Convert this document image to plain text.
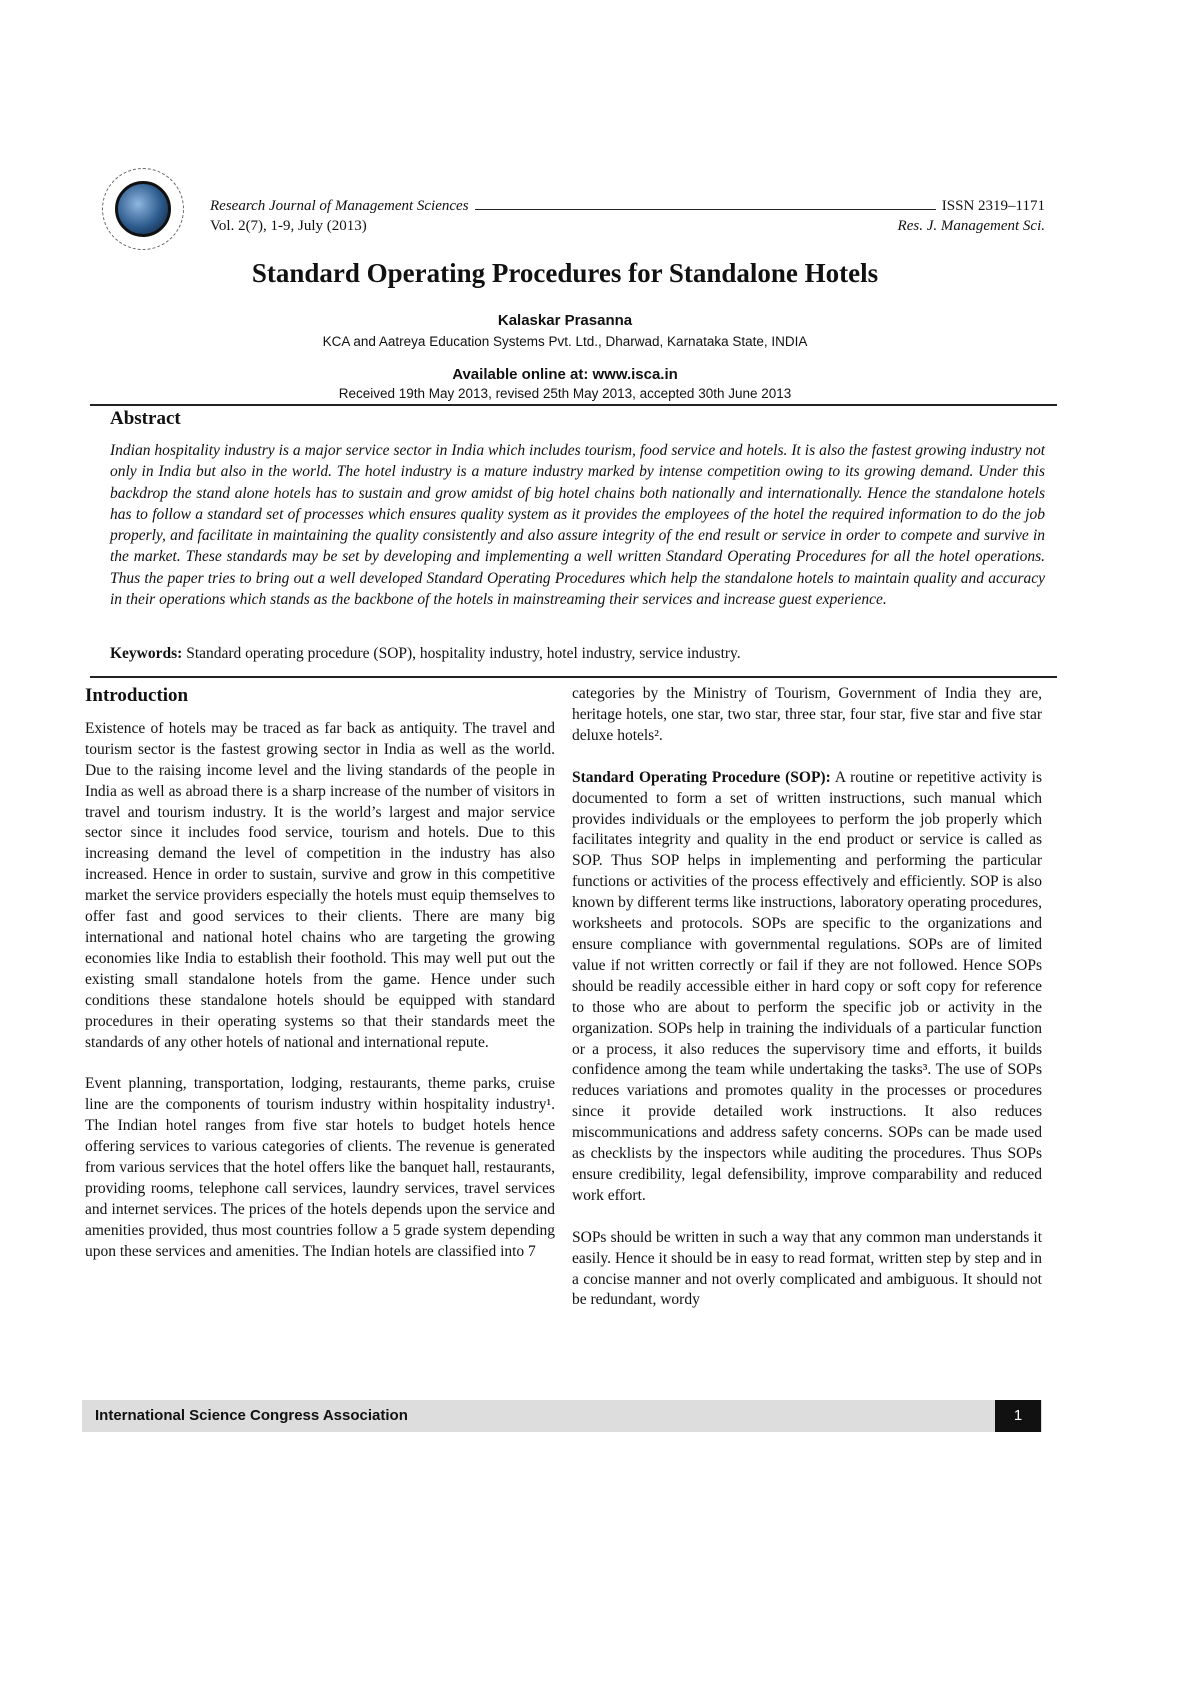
Research Journal of Management Sciences	ISSN 2319–1171
Vol. 2(7), 1-9, July (2013)	Res. J. Management Sci.
Standard Operating Procedures for Standalone Hotels
Kalaskar Prasanna
KCA and Aatreya Education Systems Pvt. Ltd., Dharwad, Karnataka State, INDIA
Available online at: www.isca.in
Received 19th May 2013, revised 25th May 2013, accepted 30th June 2013
Abstract
Indian hospitality industry is a major service sector in India which includes tourism, food service and hotels. It is also the fastest growing industry not only in India but also in the world. The hotel industry is a mature industry marked by intense competition owing to its growing demand. Under this backdrop the stand alone hotels has to sustain and grow amidst of big hotel chains both nationally and internationally. Hence the standalone hotels has to follow a standard set of processes which ensures quality system as it provides the employees of the hotel the required information to do the job properly, and facilitate in maintaining the quality consistently and also assure integrity of the end result or service in order to compete and survive in the market. These standards may be set by developing and implementing a well written Standard Operating Procedures for all the hotel operations. Thus the paper tries to bring out a well developed Standard Operating Procedures which help the standalone hotels to maintain quality and accuracy in their operations which stands as the backbone of the hotels in mainstreaming their services and increase guest experience.
Keywords: Standard operating procedure (SOP), hospitality industry, hotel industry, service industry.
Introduction

Existence of hotels may be traced as far back as antiquity. The travel and tourism sector is the fastest growing sector in India as well as the world. Due to the raising income level and the living standards of the people in India as well as abroad there is a sharp increase of the number of visitors in travel and tourism industry. It is the world’s largest and major service sector since it includes food service, tourism and hotels. Due to this increasing demand the level of competition in the industry has also increased. Hence in order to sustain, survive and grow in this competitive market the service providers especially the hotels must equip themselves to offer fast and good services to their clients. There are many big international and national hotel chains who are targeting the growing economies like India to establish their foothold. This may well put out the existing small standalone hotels from the game. Hence under such conditions these standalone hotels should be equipped with standard procedures in their operating systems so that their standards meet the standards of any other hotels of national and international repute.

Event planning, transportation, lodging, restaurants, theme parks, cruise line are the components of tourism industry within hospitality industry¹. The Indian hotel ranges from five star hotels to budget hotels hence offering services to various categories of clients. The revenue is generated from various services that the hotel offers like the banquet hall, restaurants, providing rooms, telephone call services, laundry services, travel services and internet services. The prices of the hotels depends upon the service and amenities provided, thus most countries follow a 5 grade system depending upon these services and amenities. The Indian hotels are classified into 7

categories by the Ministry of Tourism, Government of India they are, heritage hotels, one star, two star, three star, four star, five star and five star deluxe hotels².

Standard Operating Procedure (SOP): A routine or repetitive activity is documented to form a set of written instructions, such manual which provides individuals or the employees to perform the job properly which facilitates integrity and quality in the end product or service is called as SOP. Thus SOP helps in implementing and performing the particular functions or activities of the process effectively and efficiently. SOP is also known by different terms like instructions, laboratory operating procedures, worksheets and protocols. SOPs are specific to the organizations and ensure compliance with governmental regulations. SOPs are of limited value if not written correctly or fail if they are not followed. Hence SOPs should be readily accessible either in hard copy or soft copy for reference to those who are about to perform the specific job or activity in the organization. SOPs help in training the individuals of a particular function or a process, it also reduces the supervisory time and efforts, it builds confidence among the team while undertaking the tasks³. The use of SOPs reduces variations and promotes quality in the processes or procedures since it provide detailed work instructions. It also reduces miscommunications and address safety concerns. SOPs can be made used as checklists by the inspectors while auditing the procedures. Thus SOPs ensure credibility, legal defensibility, improve comparability and reduced work effort.

SOPs should be written in such a way that any common man understands it easily. Hence it should be in easy to read format, written step by step and in a concise manner and not overly complicated and ambiguous. It should not be redundant, wordy

International Science Congress Association	1
